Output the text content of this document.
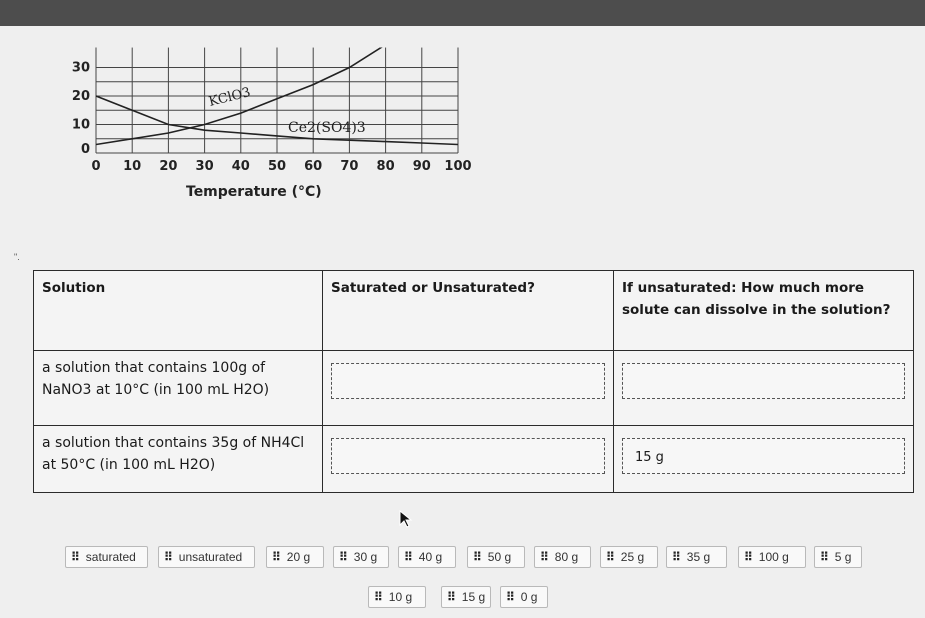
0 10 20 30 40 50 60 70 80 90 100
0
10
20
30
KClO3
Ce2(SO4)3
Temperature (°C)
".
Solution	Saturated or Unsaturated?	If unsaturated: How much more solute can dissolve in the solution?
a solution that contains 100g of NaNO3 at 10°C (in 100 mL H2O)	

a solution that contains 35g of NH4Cl at 50°C (in 100 mL H2O)		15 g
⠿ saturated	⠿ unsaturated	⠿ 20 g	⠿ 30 g	⠿ 40 g	⠿ 50 g	⠿ 80 g	⠿ 25 g	⠿ 35 g	⠿ 100 g	⠿ 5 g
⠿ 10 g	⠿ 15 g	⠿ 0 g
